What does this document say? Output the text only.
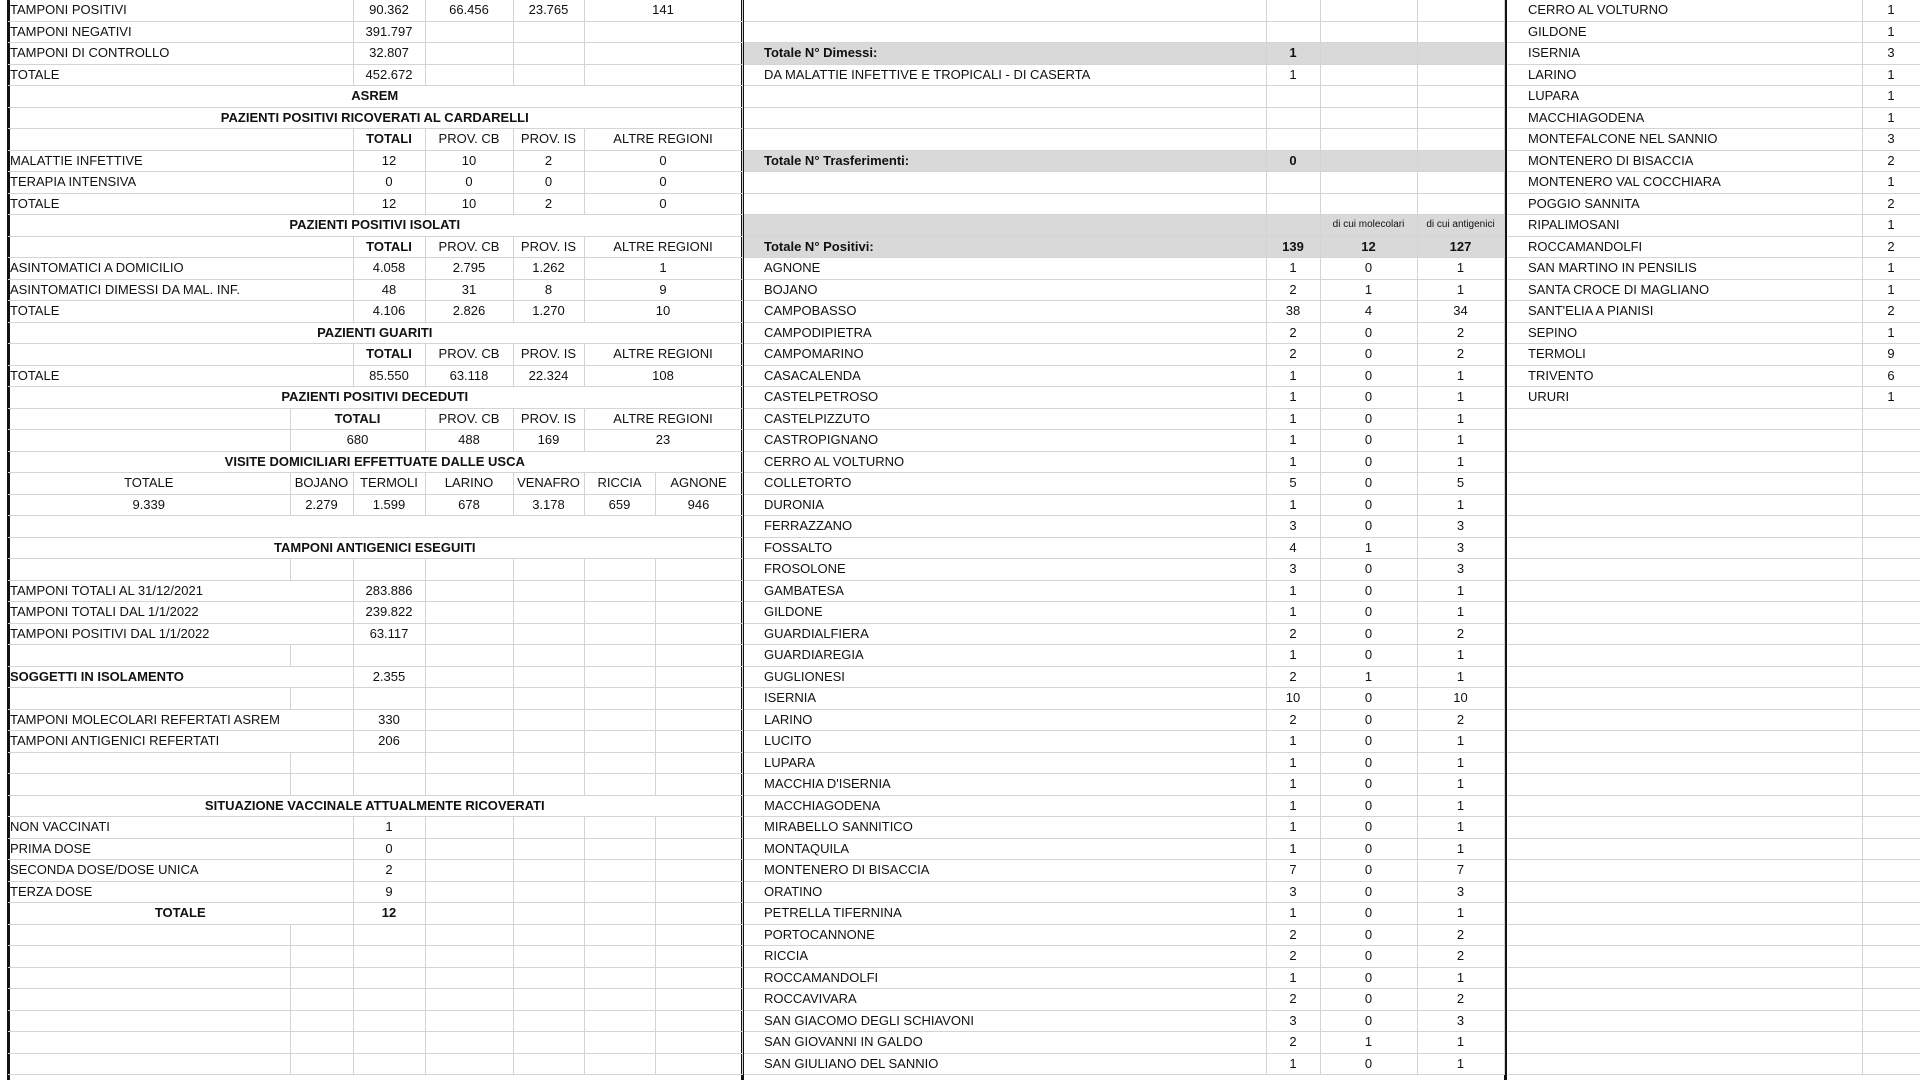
TAMPONI POSITIVI		90.362	66.456	23.765	141	
TAMPONI NEGATIVI		391.797				
TAMPONI DI CONTROLLO		32.807				
TOTALE		452.672				
ASREM						
PAZIENTI POSITIVI RICOVERATI AL CARDARELLI						
		TOTALI	PROV. CB	PROV. IS	ALTRE REGIONI	
MALATTIE INFETTIVE		12	10	2	0	
TERAPIA INTENSIVA		0	0	0	0	
TOTALE		12	10	2	0	
PAZIENTI POSITIVI ISOLATI						
		TOTALI	PROV. CB	PROV. IS	ALTRE REGIONI	
ASINTOMATICI A DOMICILIO		4.058	2.795	1.262	1	
ASINTOMATICI DIMESSI DA MAL. INF.		48	31	8	9	
TOTALE		4.106	2.826	1.270	10	
PAZIENTI GUARITI						
		TOTALI	PROV. CB	PROV. IS	ALTRE REGIONI	
TOTALE		85.550	63.118	22.324	108	
PAZIENTI POSITIVI DECEDUTI						
	TOTALI		PROV. CB	PROV. IS	ALTRE REGIONI	
	680		488	169	23	
VISITE DOMICILIARI EFFETTUATE DALLE USCA						
TOTALE	BOJANO	TERMOLI	LARINO	VENAFRO	RICCIA	AGNONE
9.339	2.279	1.599	678	3.178	659	946

TAMPONI ANTIGENICI ESEGUITI						

TAMPONI TOTALI AL 31/12/2021		283.886				
TAMPONI TOTALI DAL 1/1/2022		239.822				
TAMPONI POSITIVI DAL 1/1/2022		63.117				

SOGGETTI IN ISOLAMENTO		2.355				

TAMPONI MOLECOLARI REFERTATI ASREM		330				
TAMPONI ANTIGENICI REFERTATI		206				

SITUAZIONE VACCINALE ATTUALMENTE RICOVERATI						
NON VACCINATI		1				
PRIMA DOSE		0				
SECONDA DOSE/DOSE UNICA		2				
TERZA DOSE		9				
TOTALE		12				

Totale N° Dimessi:	1		
DA MALATTIE INFETTIVE E TROPICALI - DI CASERTA	1		

Totale N° Trasferimenti:	0		

		di cui molecolari	di cui antigenici
Totale N° Positivi:	139	12	127
AGNONE	1	0	1
BOJANO	2	1	1
CAMPOBASSO	38	4	34
CAMPODIPIETRA	2	0	2
CAMPOMARINO	2	0	2
CASACALENDA	1	0	1
CASTELPETROSO	1	0	1
CASTELPIZZUTO	1	0	1
CASTROPIGNANO	1	0	1
CERRO AL VOLTURNO	1	0	1
COLLETORTO	5	0	5
DURONIA	1	0	1
FERRAZZANO	3	0	3
FOSSALTO	4	1	3
FROSOLONE	3	0	3
GAMBATESA	1	0	1
GILDONE	1	0	1
GUARDIALFIERA	2	0	2
GUARDIAREGIA	1	0	1
GUGLIONESI	2	1	1
ISERNIA	10	0	10
LARINO	2	0	2
LUCITO	1	0	1
LUPARA	1	0	1
MACCHIA D'ISERNIA	1	0	1
MACCHIAGODENA	1	0	1
MIRABELLO SANNITICO	1	0	1
MONTAQUILA	1	0	1
MONTENERO DI BISACCIA	7	0	7
ORATINO	3	0	3
PETRELLA TIFERNINA	1	0	1
PORTOCANNONE	2	0	2
RICCIA	2	0	2
ROCCAMANDOLFI	1	0	1
ROCCAVIVARA	2	0	2
SAN GIACOMO DEGLI SCHIAVONI	3	0	3
SAN GIOVANNI IN GALDO	2	1	1
SAN GIULIANO DEL SANNIO	1	0	1
CERRO AL VOLTURNO	1
GILDONE	1
ISERNIA	3
LARINO	1
LUPARA	1
MACCHIAGODENA	1
MONTEFALCONE NEL SANNIO	3
MONTENERO DI BISACCIA	2
MONTENERO VAL COCCHIARA	1
POGGIO SANNITA	2
RIPALIMOSANI	1
ROCCAMANDOLFI	2
SAN MARTINO IN PENSILIS	1
SANTA CROCE DI MAGLIANO	1
SANT'ELIA A PIANISI	2
SEPINO	1
TERMOLI	9
TRIVENTO	6
URURI	1
